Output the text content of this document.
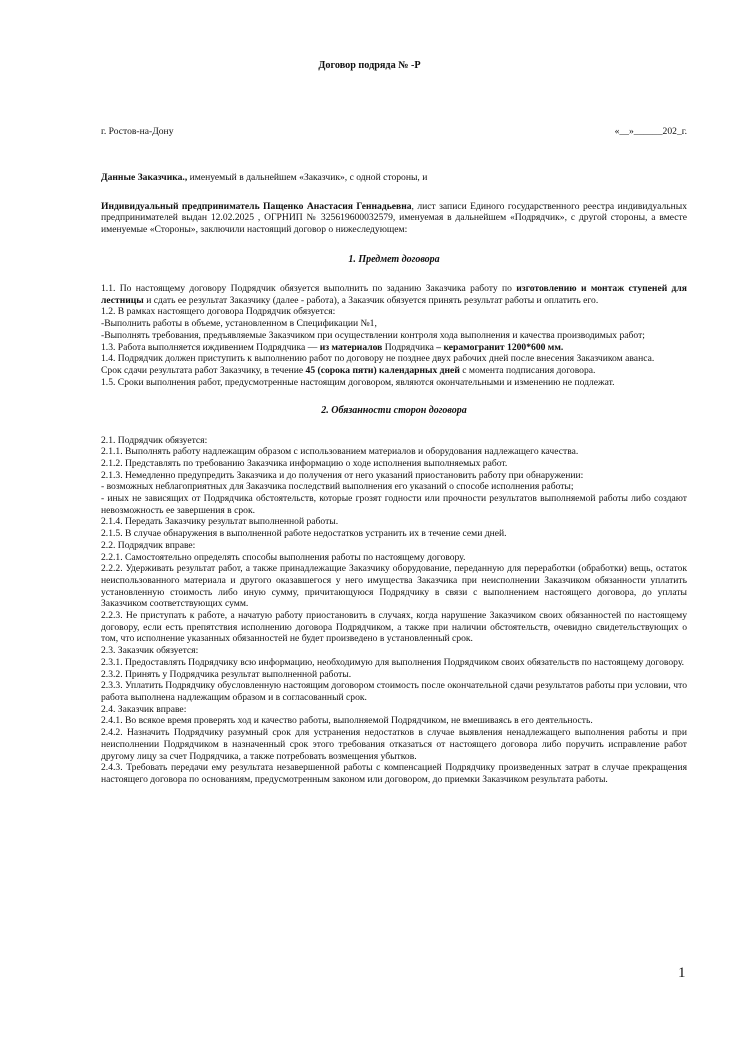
Договор подряда № -Р
г. Ростов-на-Дону	«__»______202_г.

Данные Заказчика., именуемый в дальнейшем «Заказчик», с одной стороны, и

Индивидуальный предприниматель Пащенко Анастасия Геннадьевна, лист записи Единого государственного реестра индивидуальных предпринимателей выдан 12.02.2025 , ОГРНИП № 325619600032579, именуемая в дальнейшем «Подрядчик», с другой стороны, а вместе именуемые «Стороны», заключили настоящий договор о нижеследующем:

1. Предмет договора

1.1. По настоящему договору Подрядчик обязуется выполнить по заданию Заказчика работу по изготовлению и монтаж ступеней для лестницы и сдать ее результат Заказчику (далее - работа), а Заказчик обязуется принять результат работы и оплатить его.

1.2. В рамках настоящего договора Подрядчик обязуется:

-Выполнить работы в объеме, установленном в Спецификации №1,

-Выполнять требования, предъявляемые Заказчиком при осуществлении контроля хода выполнения и качества производимых работ;

1.3. Работа выполняется иждивением Подрядчика — из материалов Подрядчика – керамогранит 1200*600 мм.

1.4. Подрядчик должен приступить к выполнению работ по договору не позднее двух рабочих дней после внесения Заказчиком аванса.

Срок сдачи результата работ Заказчику, в течение 45 (сорока пяти) календарных дней с момента подписания договора.

1.5. Сроки выполнения работ, предусмотренные настоящим договором, являются окончательными и изменению не подлежат.

2. Обязанности сторон договора

2.1. Подрядчик обязуется:

2.1.1. Выполнять работу надлежащим образом с использованием материалов и оборудования надлежащего качества.

2.1.2. Представлять по требованию Заказчика информацию о ходе исполнения выполняемых работ.

2.1.3. Немедленно предупредить Заказчика и до получения от него указаний приостановить работу при обнаружении:

- возможных неблагоприятных для Заказчика последствий выполнения его указаний о способе исполнения работы;

- иных не зависящих от Подрядчика обстоятельств, которые грозят годности или прочности результатов выполняемой работы либо создают невозможность ее завершения в срок.

2.1.4. Передать Заказчику результат выполненной работы.

2.1.5. В случае обнаружения в выполненной работе недостатков устранить их в течение семи дней.

2.2. Подрядчик вправе:

2.2.1. Самостоятельно определять способы выполнения работы по настоящему договору.

2.2.2. Удерживать результат работ, а также принадлежащие Заказчику оборудование, переданную для переработки (обработки) вещь, остаток неиспользованного материала и другого оказавшегося у него имущества Заказчика при неисполнении Заказчиком обязанности уплатить установленную стоимость либо иную сумму, причитающуюся Подрядчику в связи с выполнением настоящего договора, до уплаты Заказчиком соответствующих сумм.

2.2.3. Не приступать к работе, а начатую работу приостановить в случаях, когда нарушение Заказчиком своих обязанностей по настоящему договору, если есть препятствия исполнению договора Подрядчиком, а также при наличии обстоятельств, очевидно свидетельствующих о том, что исполнение указанных обязанностей не будет произведено в установленный срок.

2.3. Заказчик обязуется:

2.3.1. Предоставлять Подрядчику всю информацию, необходимую для выполнения Подрядчиком своих обязательств по настоящему договору.

2.3.2. Принять у Подрядчика результат выполненной работы.

2.3.3. Уплатить Подрядчику обусловленную настоящим договором стоимость после окончательной сдачи результатов работы при условии, что работа выполнена надлежащим образом и в согласованный срок.

2.4. Заказчик вправе:

2.4.1. Во всякое время проверять ход и качество работы, выполняемой Подрядчиком, не вмешиваясь в его деятельность.

2.4.2. Назначить Подрядчику разумный срок для устранения недостатков в случае выявления ненадлежащего выполнения работы и при неисполнении Подрядчиком в назначенный срок этого требования отказаться от настоящего договора либо поручить исправление работ другому лицу за счет Подрядчика, а также потребовать возмещения убытков.

2.4.3. Требовать передачи ему результата незавершенной работы с компенсацией Подрядчику произведенных затрат в случае прекращения настоящего договора по основаниям, предусмотренным законом или договором, до приемки Заказчиком результата работы.

1
